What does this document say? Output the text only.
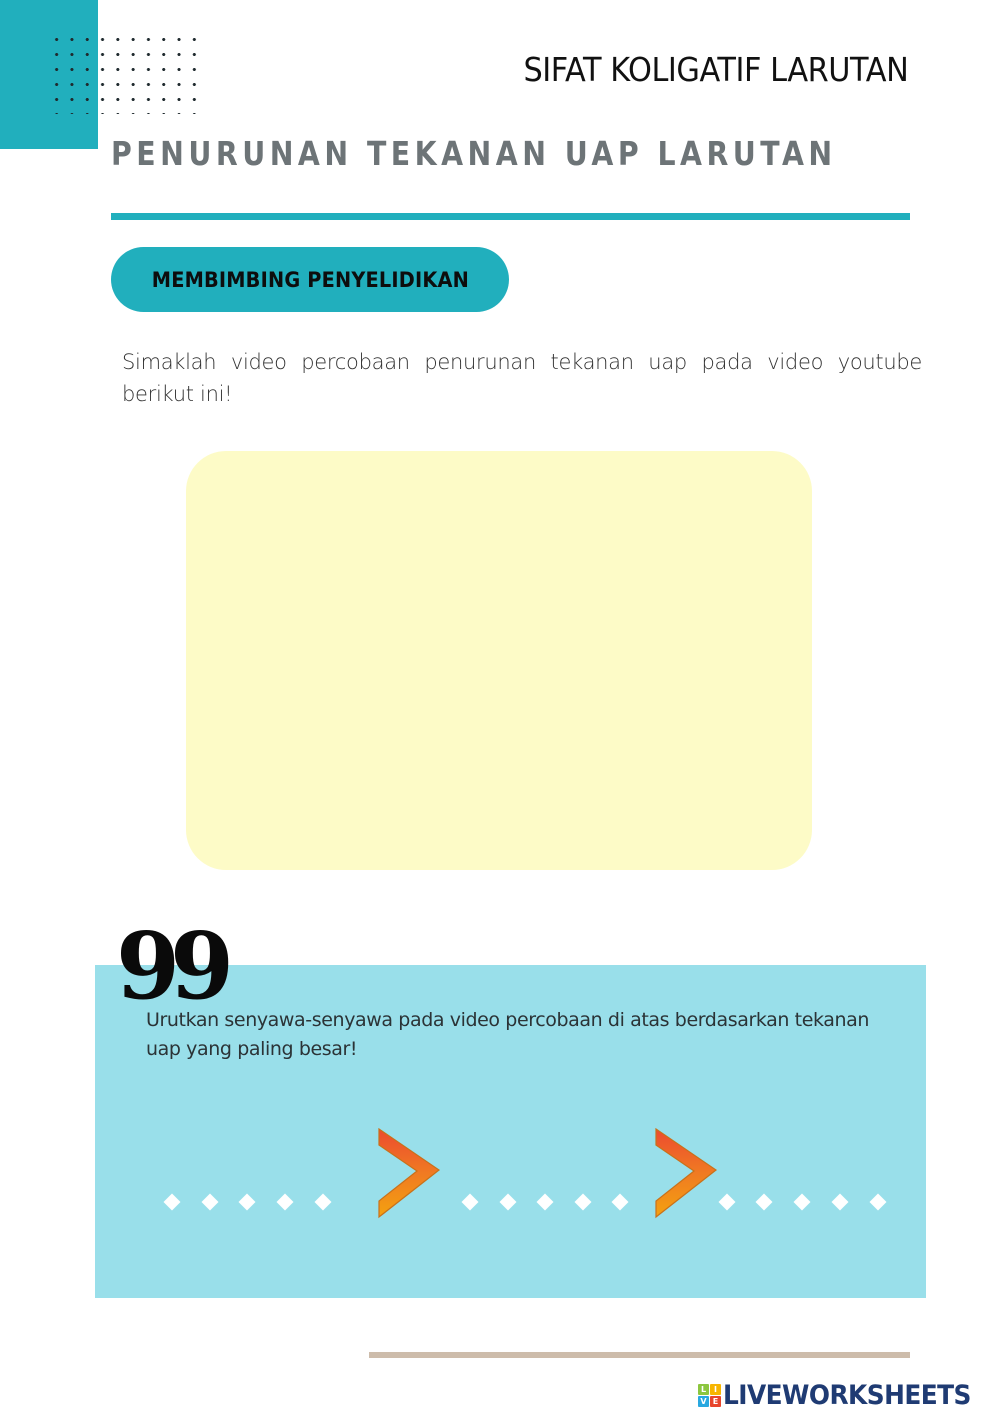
SIFAT KOLIGATIF LARUTAN
PENURUNAN TEKANAN UAP LARUTAN
MEMBIMBING PENYELIDIKAN
Simaklah video percobaan penurunan tekanan uap pada video youtube berikut ini!
99
Urutkan senyawa-senyawa pada video percobaan di atas berdasarkan tekanan uap yang paling besar!
L I
V E LIVEWORKSHEETS
